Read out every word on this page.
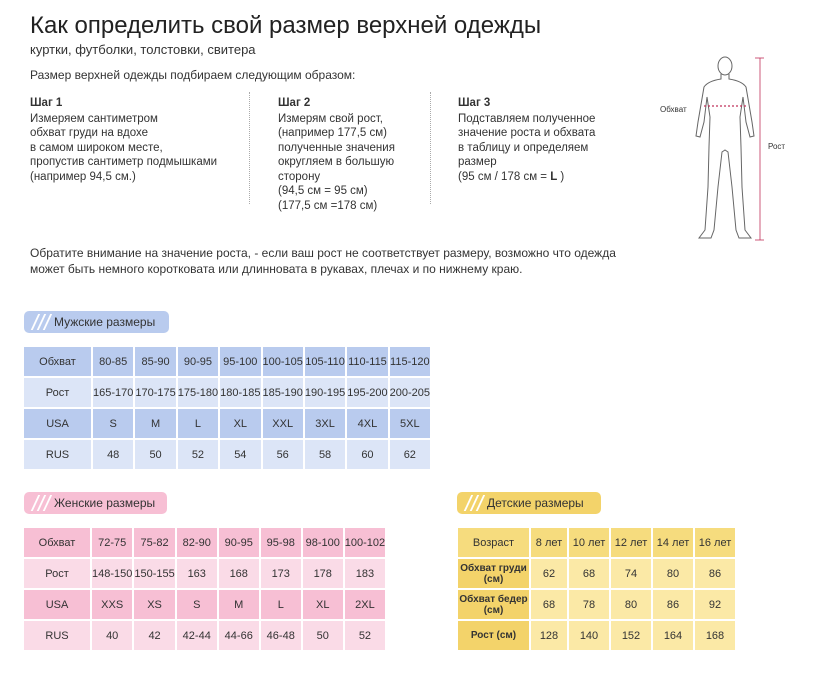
Как определить свой размер верхней одежды
куртки, футболки, толстовки, свитера
Размер верхней одежды подбираем следующим образом:
Шаг 1
Измеряем сантиметром
обхват груди на вдохе
в самом широком месте,
пропустив сантиметр подмышками
(например 94,5 см.)
Шаг 2
Измерям свой рост,
(например 177,5 см)
полученные значения
округляем в большую
сторону
(94,5 см = 95 см)
(177,5 см =178 см)
Шаг 3
Подставляем полученное
значение роста и обхвата
в таблицу и определяем
размер
(95 см / 178 см = L )
Обхват
Рост
Обратите внимание на значение роста, - если ваш рост не соответствует размеру, возможно что одежда
может быть немного коротковата или длинновата в рукавах, плечах и по нижнему краю.
Мужские размеры
Обхват	80-85	85-90	90-95	95-100	100-105	105-110	110-115	115-120
Рост	165-170	170-175	175-180	180-185	185-190	190-195	195-200	200-205
USA	S	M	L	XL	XXL	3XL	4XL	5XL
RUS	48	50	52	54	56	58	60	62
Женские размеры
Обхват	72-75	75-82	82-90	90-95	95-98	98-100	100-102
Рост	148-150	150-155	163	168	173	178	183
USA	XXS	XS	S	M	L	XL	2XL
RUS	40	42	42-44	44-66	46-48	50	52
Детские размеры
Возраст	8 лет	10 лет	12 лет	14 лет	16 лет
Обхват груди (см)	62	68	74	80	86
Обхват бедер (см)	68	78	80	86	92
Рост (см)	128	140	152	164	168
